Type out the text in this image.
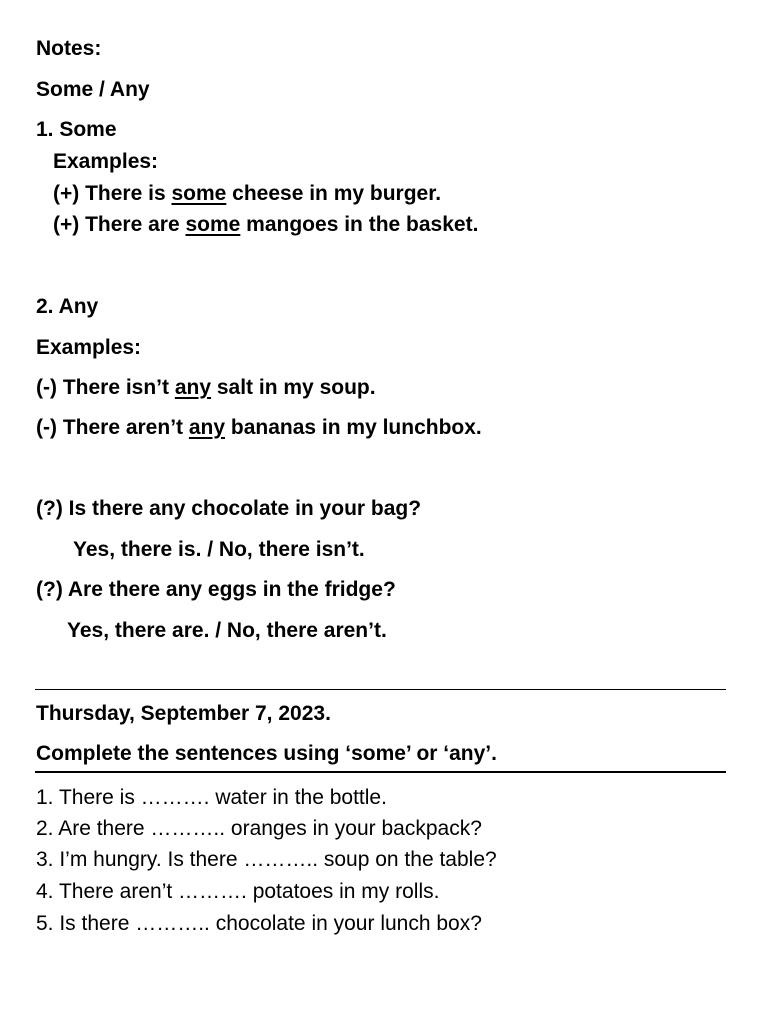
Notes:
Some / Any
1. Some
Examples:
(+) There is some cheese in my burger.
(+) There are some mangoes in the basket.
2. Any
Examples:
(-) There isn’t any salt in my soup.
(-) There aren’t any bananas in my lunchbox.
(?) Is there any chocolate in your bag?
Yes, there is. / No, there isn’t.
(?) Are there any eggs in the fridge?
Yes, there are. / No, there aren’t.
Thursday, September 7, 2023.
Complete the sentences using ‘some’ or ‘any’.
1. There is ………. water in the bottle.
2. Are there ……….. oranges in your backpack?
3. I’m hungry. Is there ……….. soup on the table?
4. There aren’t ………. potatoes in my rolls.
5. Is there ……….. chocolate in your lunch box?
